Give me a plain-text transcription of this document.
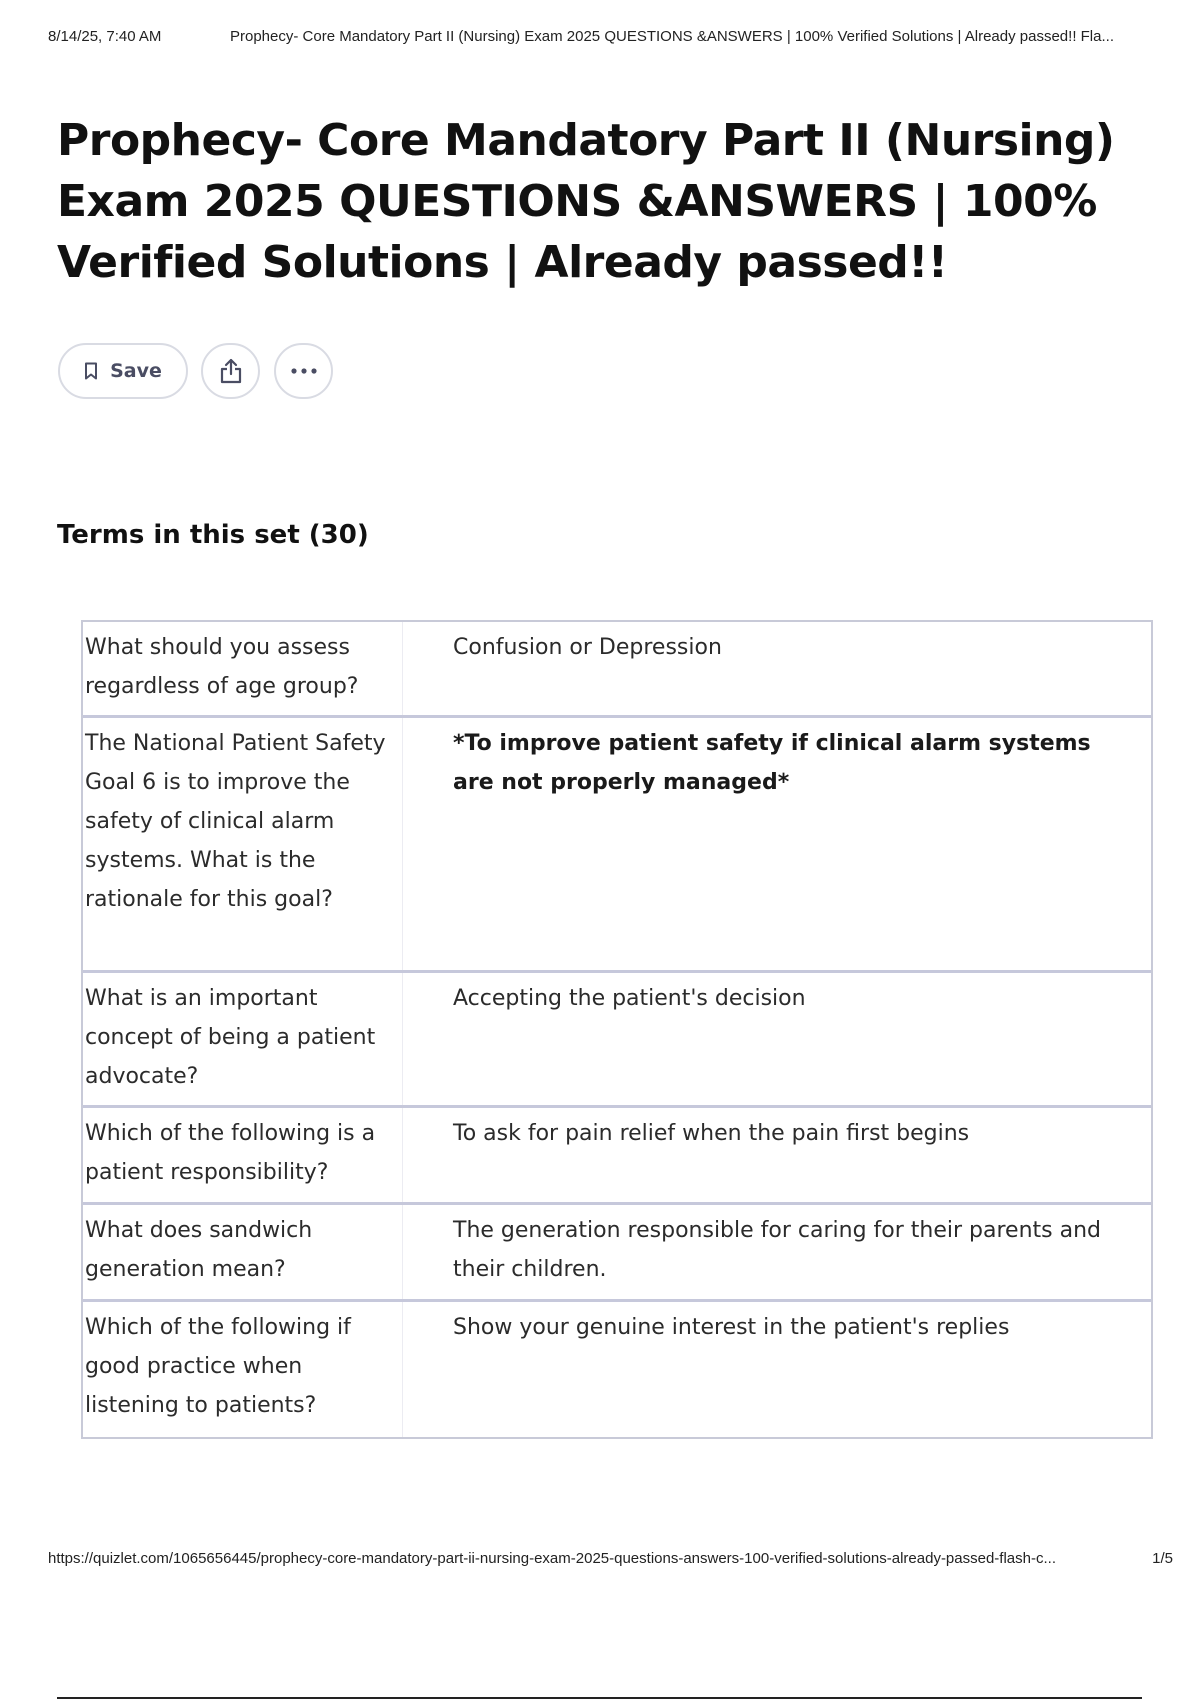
8/14/25, 7:40 AM	Prophecy- Core Mandatory Part II (Nursing) Exam 2025 QUESTIONS &ANSWERS | 100% Verified Solutions | Already passed!! Fla...
Prophecy- Core Mandatory Part II (Nursing) Exam 2025 QUESTIONS &ANSWERS | 100% Verified Solutions | Already passed!!
Save
Terms in this set (30)
What should you assess regardless of age group?
Confusion or Depression
The National Patient Safety Goal 6 is to improve the safety of clinical alarm systems. What is the rationale for this goal?
*To improve patient safety if clinical alarm systems are not properly managed*
What is an important concept of being a patient advocate?
Accepting the patient's decision
Which of the following is a patient responsibility?
To ask for pain relief when the pain first begins
What does sandwich generation mean?
The generation responsible for caring for their parents and their children.
Which of the following if good practice when listening to patients?
Show your genuine interest in the patient's replies
https://quizlet.com/1065656445/prophecy-core-mandatory-part-ii-nursing-exam-2025-questions-answers-100-verified-solutions-already-passed-flash-c...	1/5
